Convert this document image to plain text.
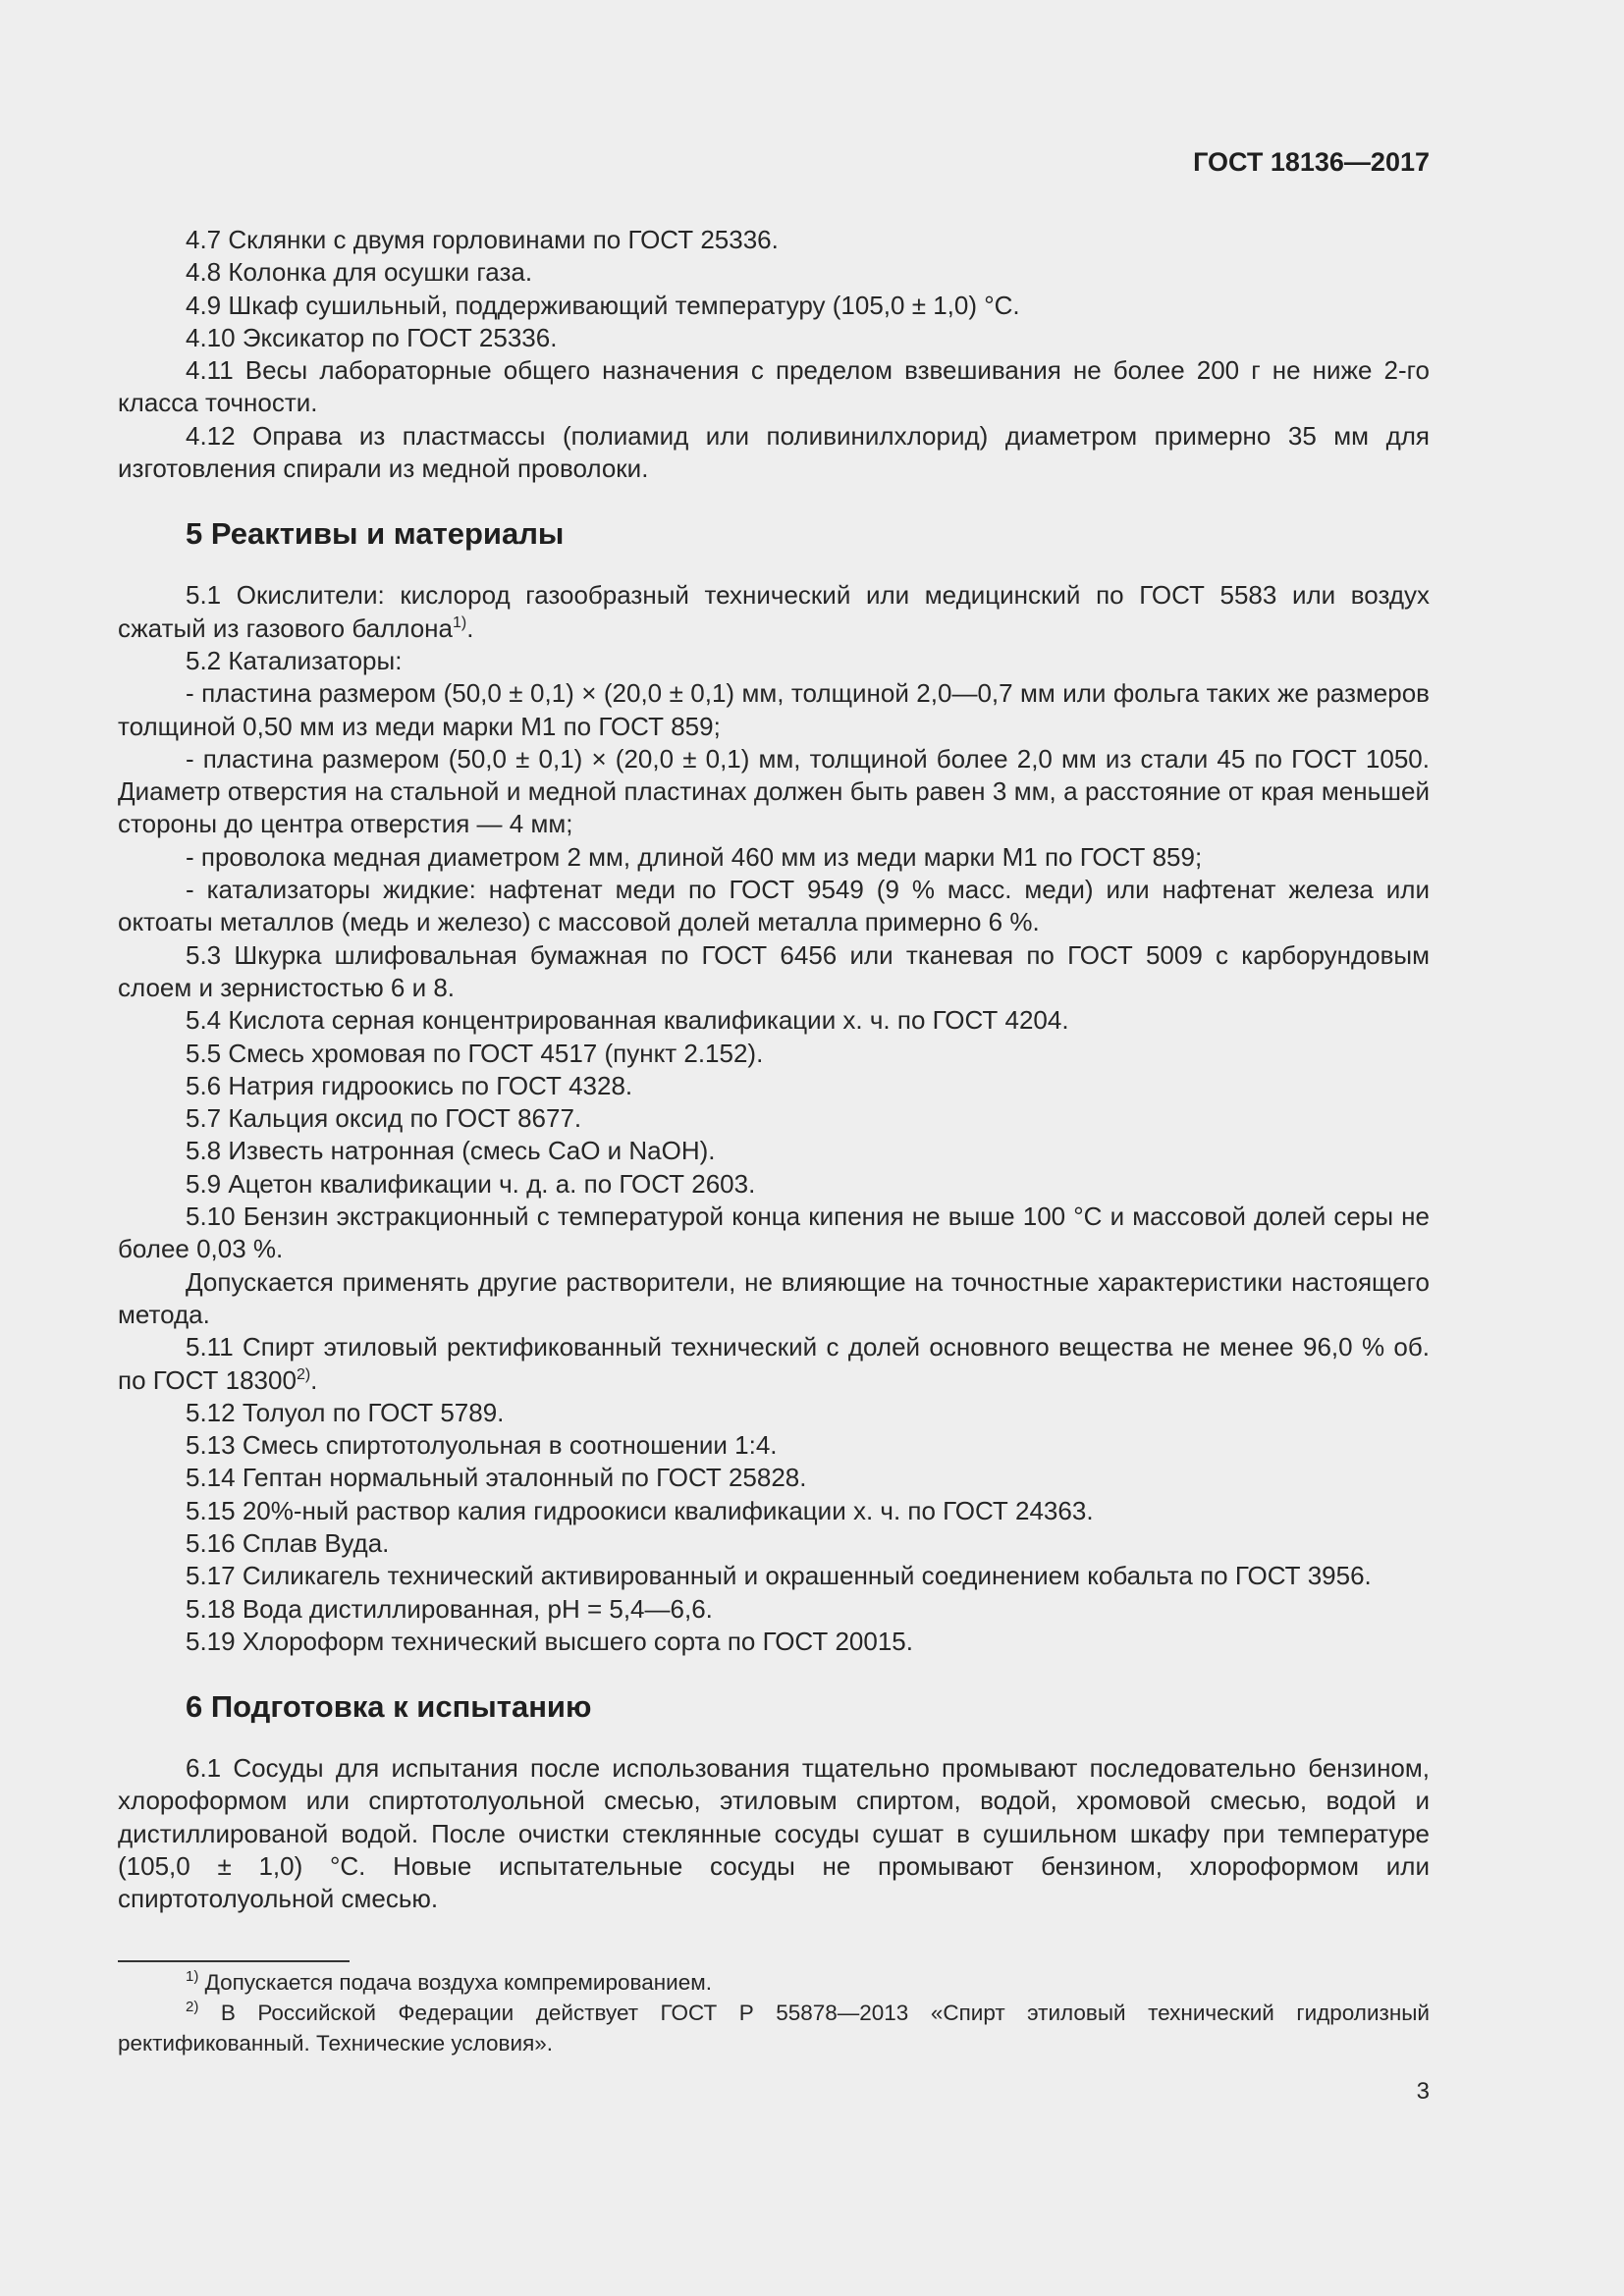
ГОСТ 18136—2017

4.7 Склянки с двумя горловинами по ГОСТ 25336.

4.8 Колонка для осушки газа.

4.9 Шкаф сушильный, поддерживающий температуру (105,0 ± 1,0) °С.

4.10 Эксикатор по ГОСТ 25336.

4.11 Весы лабораторные общего назначения с пределом взвешивания не более 200 г не ниже 2-го класса точности.

4.12 Оправа из пластмассы (полиамид или поливинилхлорид) диаметром примерно 35 мм для изготовления спирали из медной проволоки.

5 Реактивы и материалы

5.1 Окислители: кислород газообразный технический или медицинский по ГОСТ 5583 или воздух сжатый из газового баллона$^{1)}$.

5.2 Катализаторы:

- пластина размером (50,0 ± 0,1) × (20,0 ± 0,1) мм, толщиной 2,0—0,7 мм или фольга таких же размеров толщиной 0,50 мм из меди марки М1 по ГОСТ 859;

- пластина размером (50,0 ± 0,1) × (20,0 ± 0,1) мм, толщиной более 2,0 мм из стали 45 по ГОСТ 1050. Диаметр отверстия на стальной и медной пластинах должен быть равен 3 мм, а расстояние от края меньшей стороны до центра отверстия — 4 мм;

- проволока медная диаметром 2 мм, длиной 460 мм из меди марки М1 по ГОСТ 859;

- катализаторы жидкие: нафтенат меди по ГОСТ 9549 (9 % масс. меди) или нафтенат железа или октоаты металлов (медь и железо) с массовой долей металла примерно 6 %.

5.3 Шкурка шлифовальная бумажная по ГОСТ 6456 или тканевая по ГОСТ 5009 с карборундовым слоем и зернистостью 6 и 8.

5.4 Кислота серная концентрированная квалификации х. ч. по ГОСТ 4204.

5.5 Смесь хромовая по ГОСТ 4517 (пункт 2.152).

5.6 Натрия гидроокись по ГОСТ 4328.

5.7 Кальция оксид по ГОСТ 8677.

5.8 Известь натронная (смесь CaO и NaOH).

5.9 Ацетон квалификации ч. д. а. по ГОСТ 2603.

5.10 Бензин экстракционный с температурой конца кипения не выше 100 °С и массовой долей серы не более 0,03 %.

Допускается применять другие растворители, не влияющие на точностные характеристики настоящего метода.

5.11 Спирт этиловый ректификованный технический с долей основного вещества не менее 96,0 % об. по ГОСТ 18300$^{2)}$.

5.12 Толуол по ГОСТ 5789.

5.13 Смесь спиртотолуольная в соотношении 1:4.

5.14 Гептан нормальный эталонный по ГОСТ 25828.

5.15 20%-ный раствор калия гидроокиси квалификации х. ч. по ГОСТ 24363.

5.16 Сплав Вуда.

5.17 Силикагель технический активированный и окрашенный соединением кобальта по ГОСТ 3956.

5.18 Вода дистиллированная, pH = 5,4—6,6.

5.19 Хлороформ технический высшего сорта по ГОСТ 20015.

6 Подготовка к испытанию

6.1 Сосуды для испытания после использования тщательно промывают последовательно бензином, хлороформом или спиртотолуольной смесью, этиловым спиртом, водой, хромовой смесью, водой и дистиллированой водой. После очистки стеклянные сосуды сушат в сушильном шкафу при температуре (105,0 ± 1,0) °С. Новые испытательные сосуды не промывают бензином, хлороформом или спиртотолуольной смесью.

$^{1)}$ Допускается подача воздуха компремированием.

$^{2)}$ В Российской Федерации действует ГОСТ Р 55878—2013 «Спирт этиловый технический гидролизный ректификованный. Технические условия».

3
